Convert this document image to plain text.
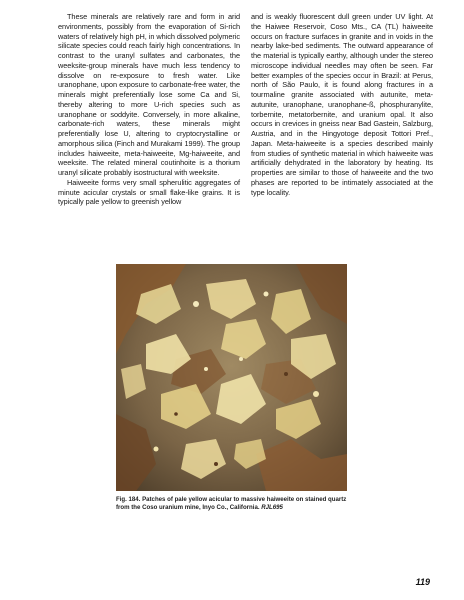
These minerals are relatively rare and form in arid environments, possibly from the evaporation of Si-rich waters of relatively high pH, in which dissolved polymeric silicate species could reach fairly high concentrations. In contrast to the uranyl sulfates and carbonates, the weeksite-group minerals have much less tendency to dissolve on re-exposure to fresh water. Like uranophane, upon exposure to carbonate-free water, the minerals might preferentially lose some Ca and Si, thereby altering to more U-rich species such as uranophane or soddyite. Conversely, in more alkaline, carbonate-rich waters, these minerals might preferentially lose U, altering to cryptocrystalline or amorphous silica (Finch and Murakami 1999). The group includes haiweeite, meta-haiweeite, Mg-haiweeite, and weeksite. The related mineral coutinhoite is a thorium uranyl silicate probably isostructural with weeksite.

Haiweeite forms very small spherulitic aggregates of minute acicular crystals or small flake-like grains. It is typically pale yellow to greenish yellow

and is weakly fluorescent dull green under UV light. At the Haiwee Reservoir, Coso Mts., CA (TL) haiweeite occurs on fracture surfaces in granite and in voids in the nearby lake-bed sediments. The outward appearance of the material is typically earthy, although under the stereo microscope individual needles may often be seen. Far better examples of the species occur in Brazil: at Perus, north of São Paulo, it is found along fractures in a tourmaline granite associated with autunite, meta-autunite, uranophane, uranophane-ß, phosphuranylite, torbernite, metatorbernite, and uranium opal. It also occurs in crevices in gneiss near Bad Gastein, Salzburg, Austria, and in the Hingyotoge deposit Tottori Pref., Japan. Meta-haiweeite is a species described mainly from studies of synthetic material in which haiweeite was artificially dehydrated in the laboratory by heating. Its properties are similar to those of haiweeite and the two phases are reported to be intimately associated at the type locality.

Fig. 184. Patches of pale yellow acicular to massive haiweeite on stained quartz from the Coso uranium mine, Inyo Co., California. RJL695
119
